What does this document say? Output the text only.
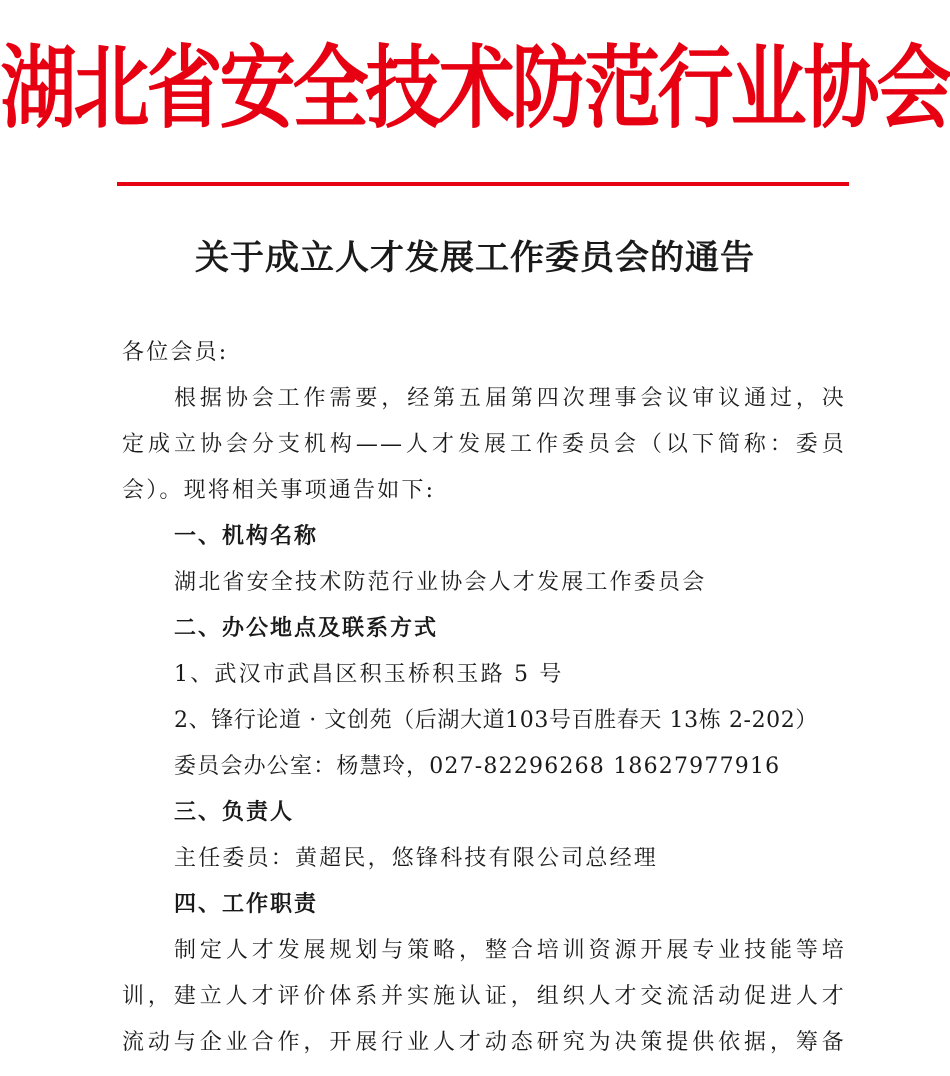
湖北省安全技术防范行业协会
关于成立人才发展工作委员会的通告
各位会员:
根据协会工作需要，经第五届第四次理事会议审议通过，决
定成立协会分支机构——人才发展工作委员会（以下简称：委员
会）。现将相关事项通告如下:
一、机构名称
湖北省安全技术防范行业协会人才发展工作委员会
二、办公地点及联系方式
1、武汉市武昌区积玉桥积玉路 5 号
2、锋行论道 · 文创苑（后湖大道103号百胜春天 13栋 2-202）
委员会办公室：杨慧玲，027-82296268 18627977916
三、负责人
主任委员：黄超民，悠锋科技有限公司总经理
四、工作职责
制定人才发展规划与策略，整合培训资源开展专业技能等培
训，建立人才评价体系并实施认证，组织人才交流活动促进人才
流动与企业合作，开展行业人才动态研究为决策提供依据，筹备
